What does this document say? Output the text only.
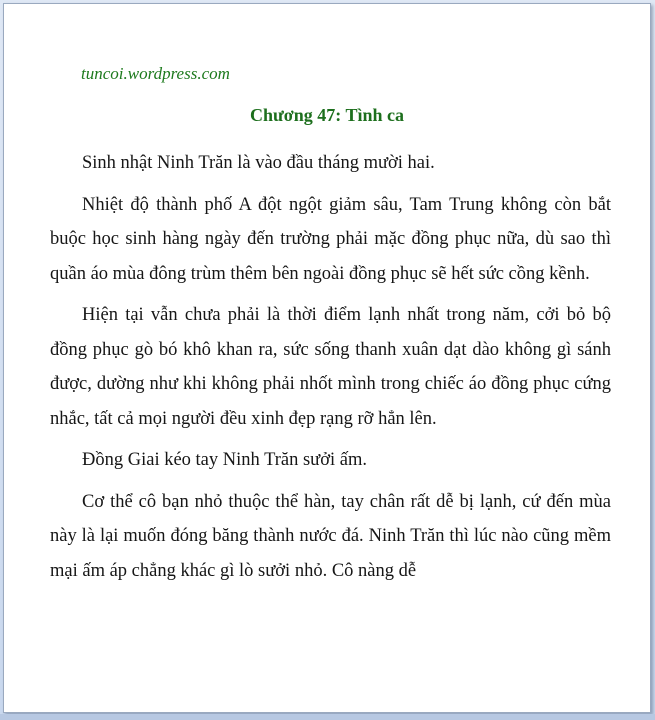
tuncoi.wordpress.com
Chương 47: Tình ca

Sinh nhật Ninh Trăn là vào đầu tháng mười hai.

Nhiệt độ thành phố A đột ngột giảm sâu, Tam Trung không còn bắt buộc học sinh hàng ngày đến trường phải mặc đồng phục nữa, dù sao thì quần áo mùa đông trùm thêm bên ngoài đồng phục sẽ hết sức cồng kềnh.

Hiện tại vẫn chưa phải là thời điểm lạnh nhất trong năm, cởi bỏ bộ đồng phục gò bó khô khan ra, sức sống thanh xuân dạt dào không gì sánh được, dường như khi không phải nhốt mình trong chiếc áo đồng phục cứng nhắc, tất cả mọi người đều xinh đẹp rạng rỡ hẳn lên.

Đồng Giai kéo tay Ninh Trăn sưởi ấm.

Cơ thể cô bạn nhỏ thuộc thể hàn, tay chân rất dễ bị lạnh, cứ đến mùa này là lại muốn đóng băng thành nước đá. Ninh Trăn thì lúc nào cũng mềm mại ấm áp chẳng khác gì lò sưởi nhỏ. Cô nàng dễ
